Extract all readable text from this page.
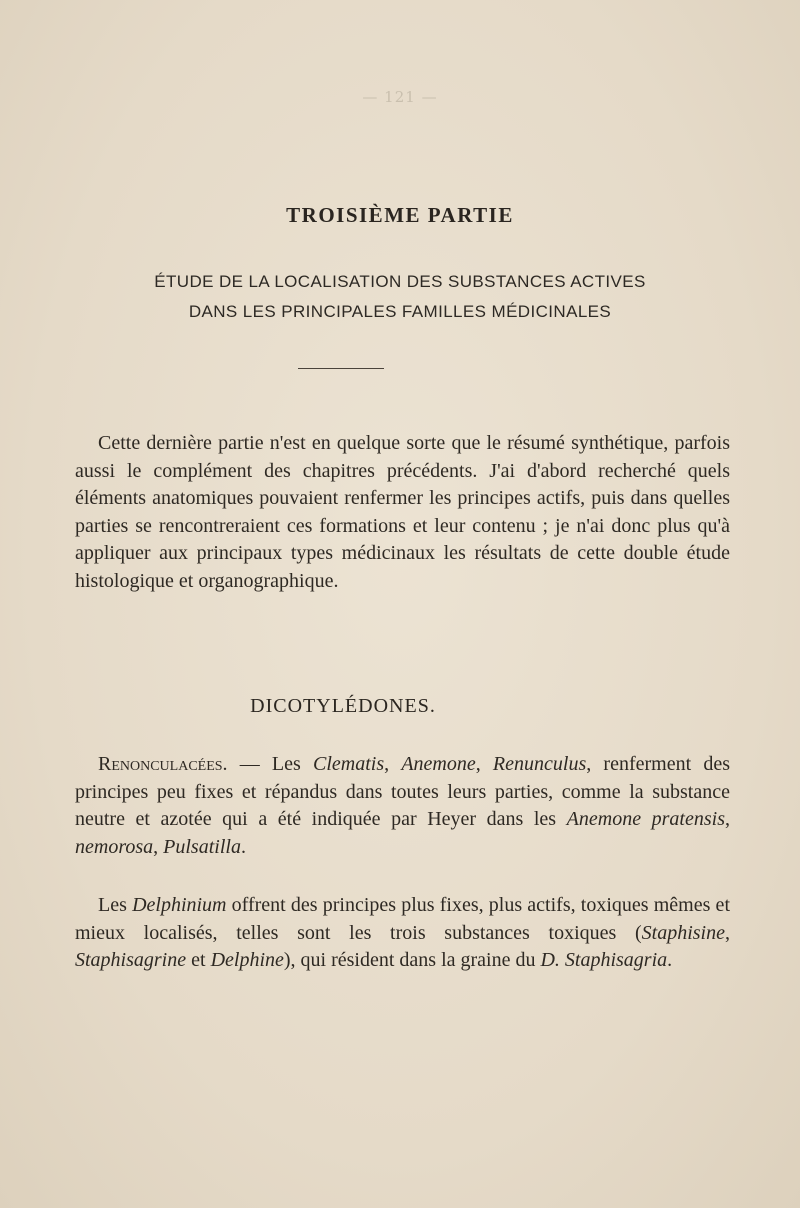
— 121 —
TROISIÈME PARTIE
ÉTUDE DE LA LOCALISATION DES SUBSTANCES ACTIVES
DANS LES PRINCIPALES FAMILLES MÉDICINALES

Cette dernière partie n'est en quelque sorte que le résumé synthétique, parfois aussi le complément des chapitres précédents. J'ai d'abord recherché quels éléments anatomiques pouvaient renfermer les principes actifs, puis dans quelles parties se rencontreraient ces formations et leur contenu ; je n'ai donc plus qu'à appliquer aux principaux types médicinaux les résultats de cette double étude histologique et organographique.

DICOTYLÉDONES.

Renonculacées. — Les Clematis, Anemone, Renunculus, renferment des principes peu fixes et répandus dans toutes leurs parties, comme la substance neutre et azotée qui a été indiquée par Heyer dans les Anemone pratensis, nemorosa, Pulsatilla.

Les Delphinium offrent des principes plus fixes, plus actifs, toxiques mêmes et mieux localisés, telles sont les trois substances toxiques (Staphisine, Staphisagrine et Delphine), qui résident dans la graine du D. Staphisagria.
